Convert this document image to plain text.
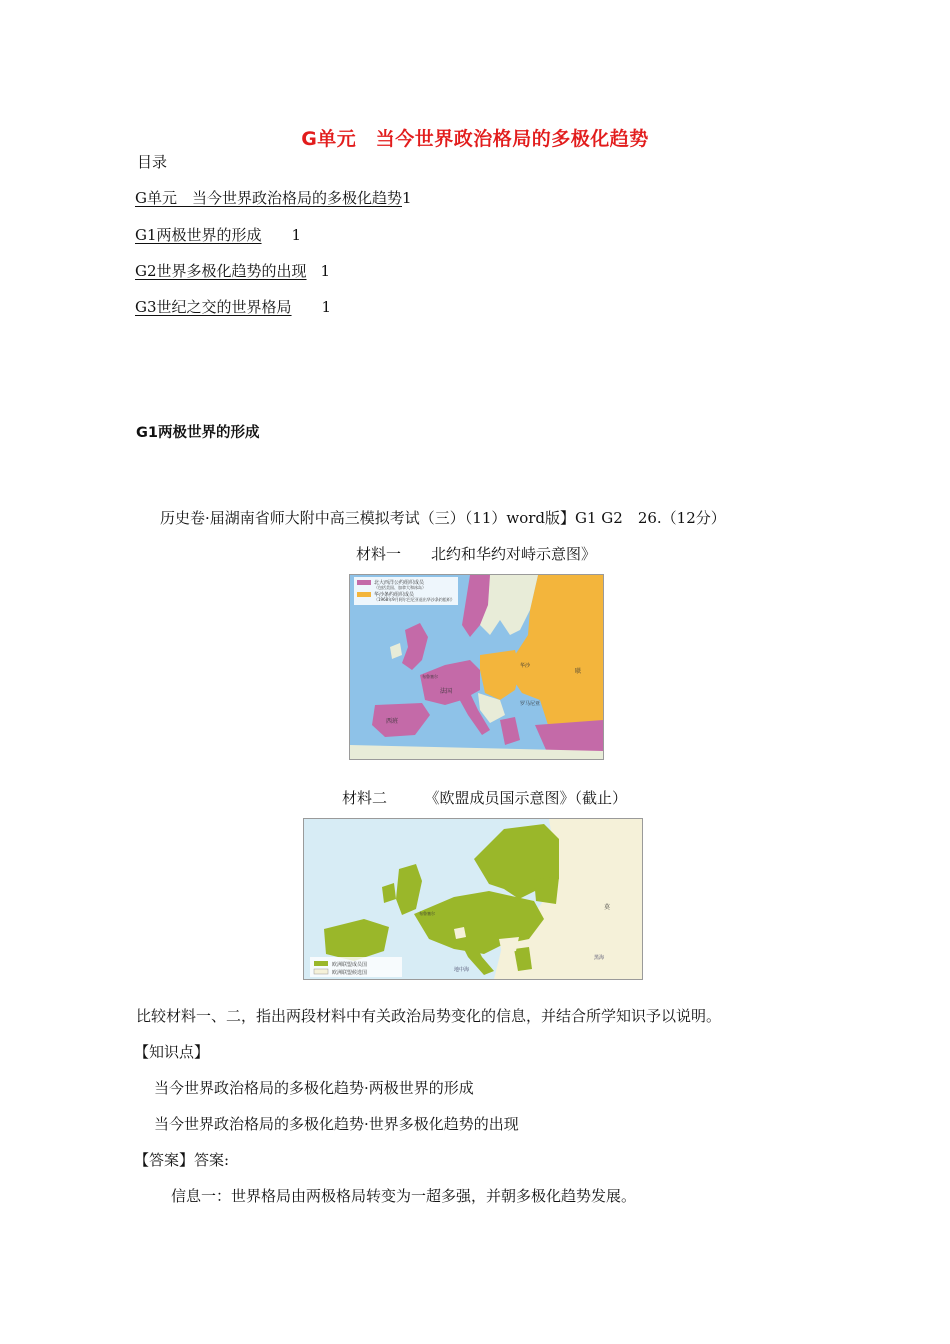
G单元　当今世界政治格局的多极化趋势
目录
G单元　当今世界政治格局的多极化趋势1
G1两极世界的形成 1
G2世界多极化趋势的出现 1
G3世纪之交的世界格局 1
G1两极世界的形成
历史卷·届湖南省师大附中高三模拟考试（三）（11）word版】G1 G2　26.（12分）
材料一　　北约和华约对峙示意图》
北大西洋公约组织成员
（包括美国、加拿大和冰岛）
华沙条约组织成员
（1968年9月阿尔巴尼亚退出华沙条约组织）
联
华沙
罗马尼亚
西班
法国
布鲁塞尔
材料二　　　《欧盟成员国示意图》（截止）
欧洲联盟成员国
欧洲联盟候选国
莫
布鲁塞尔
地中海
黑海
比较材料一、二，指出两段材料中有关政治局势变化的信息，并结合所学知识予以说明。
【知识点】
当今世界政治格局的多极化趋势·两极世界的形成
当今世界政治格局的多极化趋势·世界多极化趋势的出现
【答案】答案:
信息一：世界格局由两极格局转变为一超多强，并朝多极化趋势发展。
